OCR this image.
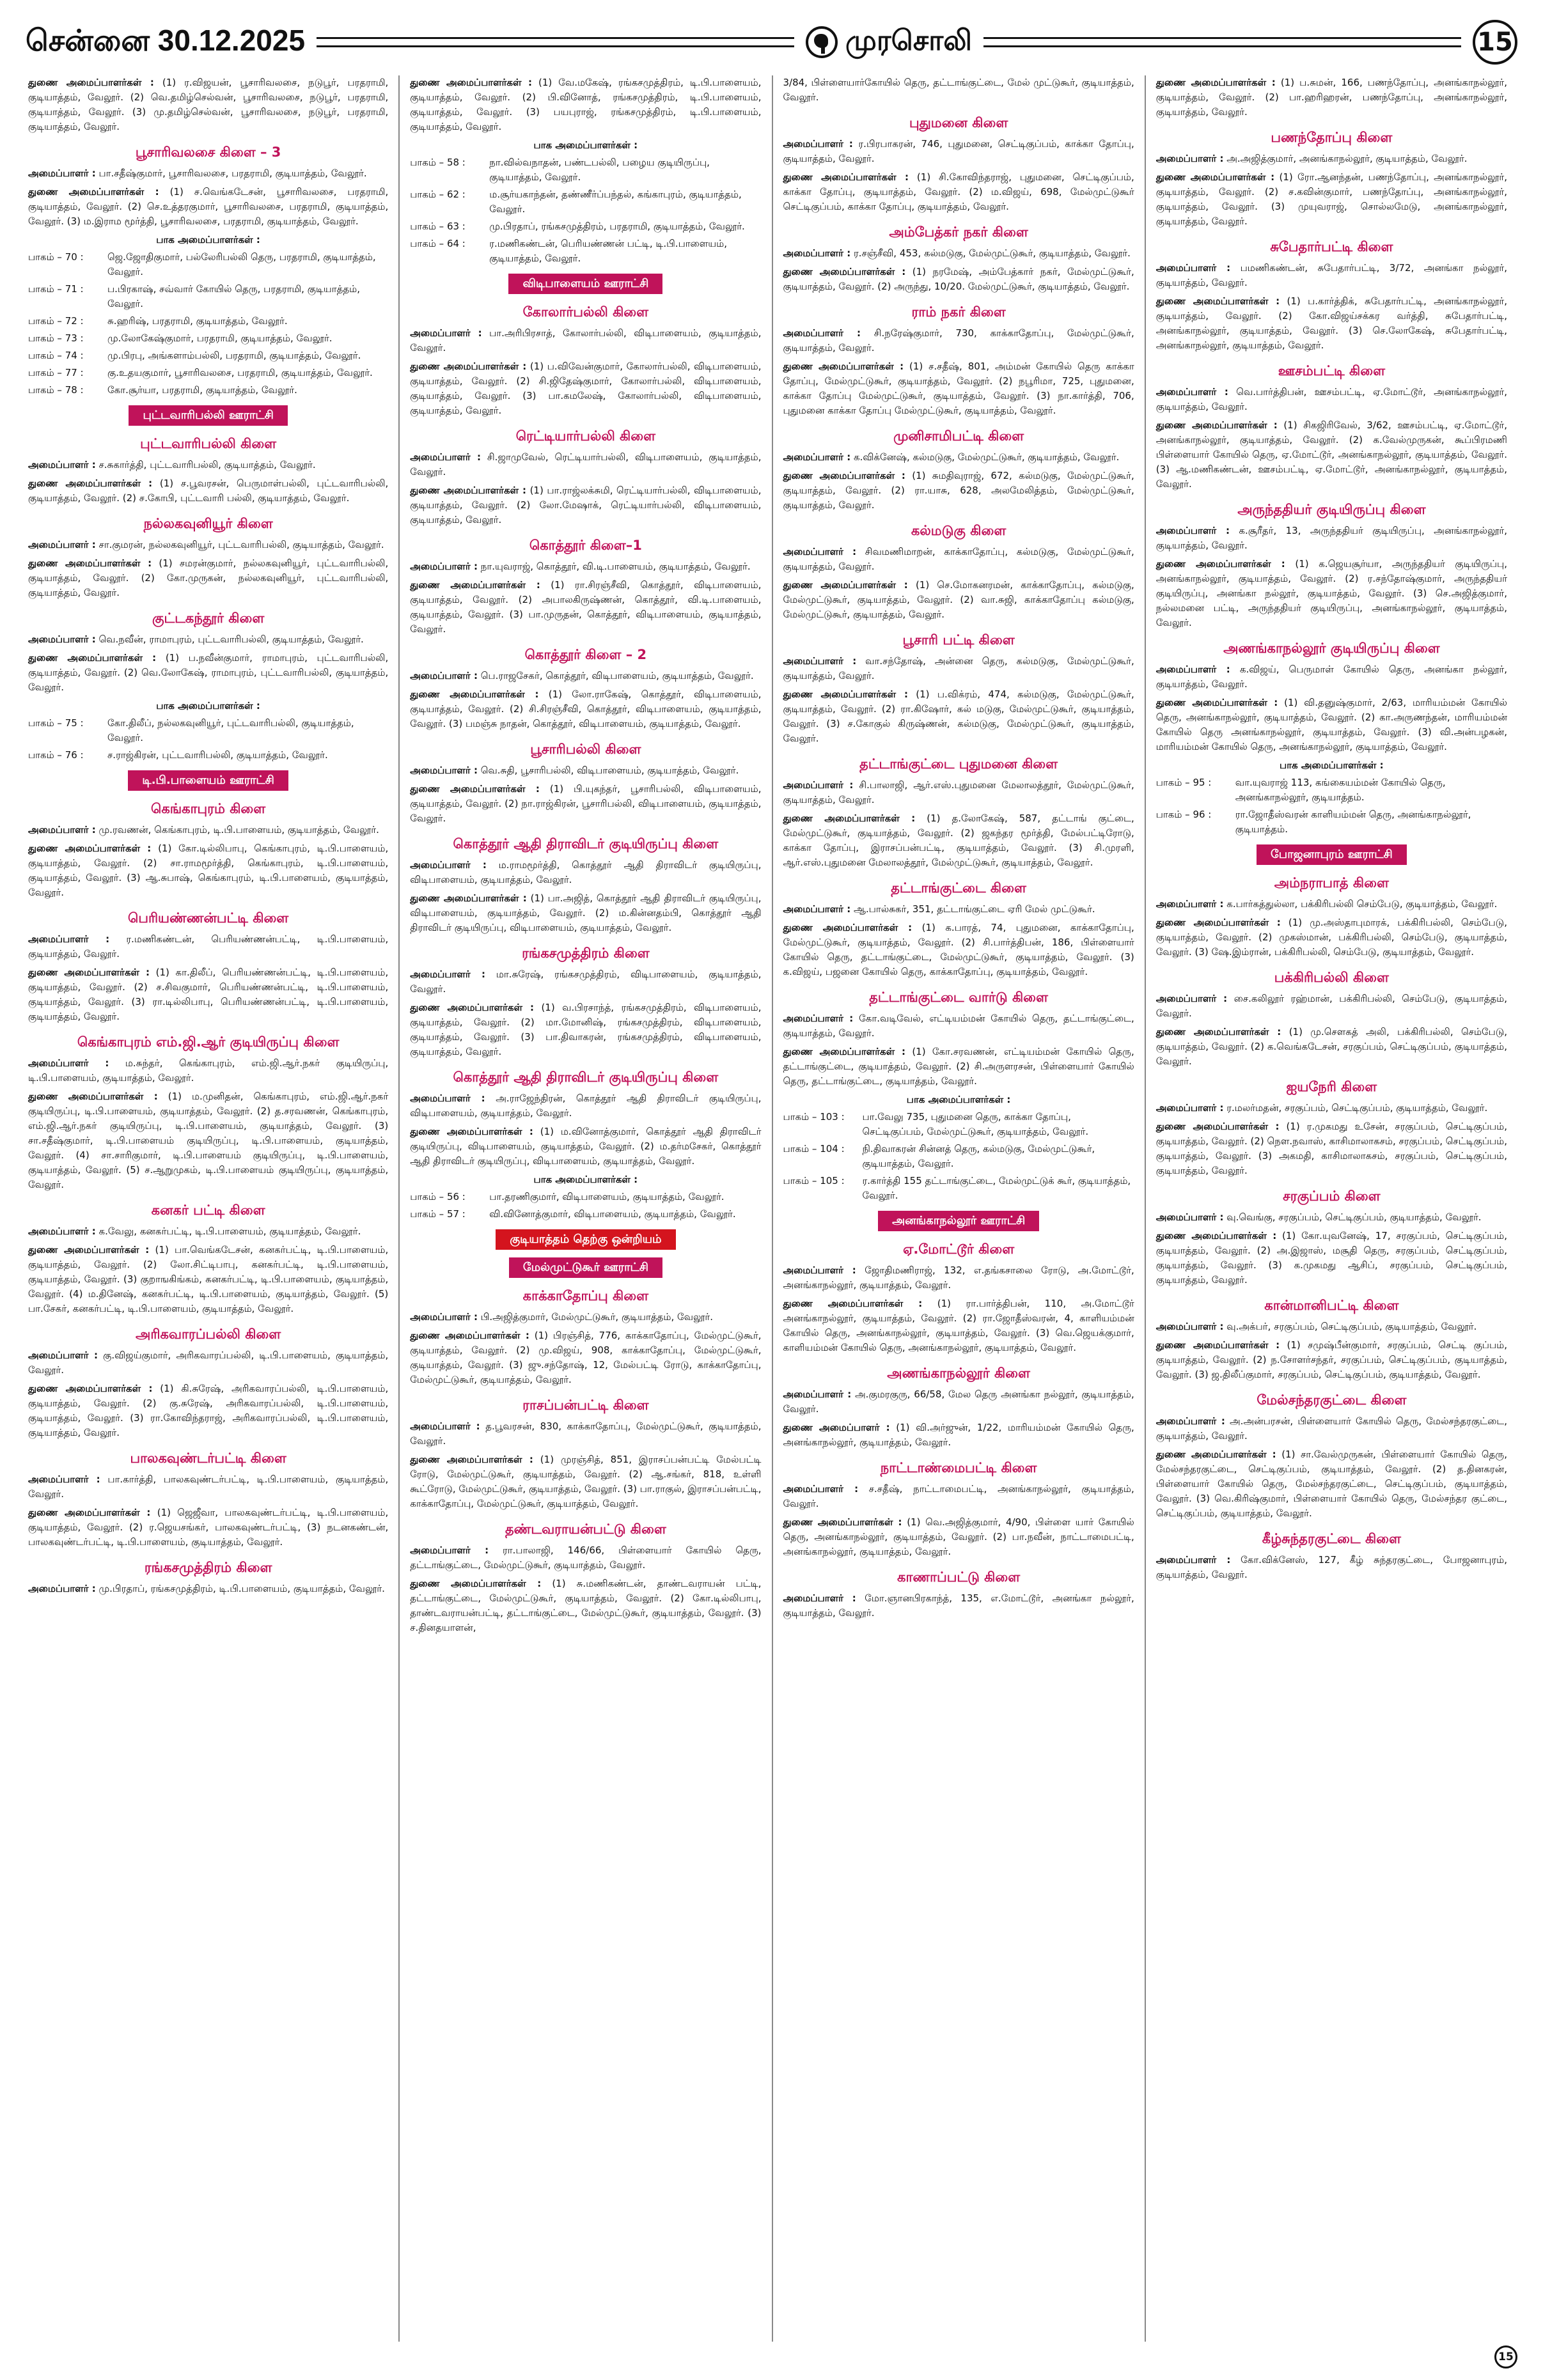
சென்னை 30.12.2025	முரசொலி	15

துணை அமைப்பாளர்கள் : (1) ர.விஜயன், பூசாரிவலசை, நடுபூர், பரதராமி, குடியாத்தம், வேலூர். (2) வெ.தமிழ்செல்வன், பூசாரிவலசை, நடுபூர், பரதராமி, குடியாத்தம், வேலூர். (3) மு.தமிழ்செல்வன், பூசாரிவலசை, நடுபூர், பரதராமி, குடியாத்தம், வேலூர்.

பூசாரிவலசை கிளை – 3

அமைப்பாளர் : பா.சதீஷ்குமார், பூசாரிவலசை, பரதராமி, குடியாத்தம், வேலூர்.

துணை அமைப்பாளர்கள் : (1) ச.வெங்கடேசன், பூசாரிவலசை, பரதராமி, குடியாத்தம், வேலூர். (2) செ.உத்தரகுமார், பூசாரிவலசை, பரதராமி, குடியாத்தம், வேலூர். (3) ம.இராம மூர்த்தி, பூசாரிவலசை, பரதராமி, குடியாத்தம், வேலூர்.

பாக அமைப்பாளர்கள் :
பாகம் – 70 :	ஜெ.ஜோதிகுமார், பல்லேரிபல்லி தெரு, பரதராமி, குடியாத்தம், வேலூர்.
பாகம் – 71 :	ப.பிரகாஷ், சவ்வார் கோயில் தெரு, பரதராமி, குடியாத்தம், வேலூர்.
பாகம் – 72 :	சு.ஹரிஷ், பரதராமி, குடியாத்தம், வேலூர்.
பாகம் – 73 :	மு.லோகேஷ்குமார், பரதராமி, குடியாத்தம், வேலூர்.
பாகம் – 74 :	மு.பிரபு, அங்களாம்பல்லி, பரதராமி, குடியாத்தம், வேலூர்.
பாகம் – 77 :	கு.உதயகுமார், பூசாரிவலசை, பரதராமி, குடியாத்தம், வேலூர்.
பாகம் – 78 :	கோ.சூர்யா, பரதராமி, குடியாத்தம், வேலூர்.
புட்டவாரிபல்லி ஊராட்சி
புட்டவாரிபல்லி கிளை

அமைப்பாளர் : ச.சுகார்த்தி, புட்டவாரிபல்லி, குடியாத்தம், வேலூர்.

துணை அமைப்பாளர்கள் : (1) ச.பூவரசன், பெருமாள்பல்லி, புட்டவாரிபல்லி, குடியாத்தம், வேலூர். (2) ச.கோபி, புட்டவாரி பல்லி, குடியாத்தம், வேலூர்.

நல்லகவுனியூர் கிளை

அமைப்பாளர் : சா.குமரன், நல்லகவுனியூர், புட்டவாரிபல்லி, குடியாத்தம், வேலூர்.

துணை அமைப்பாளர்கள் : (1) சமரன்குமார், நல்லகவுனியூர், புட்டவாரிபல்லி, குடியாத்தம், வேலூர். (2) கோ.முருகன், நல்லகவுனியூர், புட்டவாரிபல்லி, குடியாத்தம், வேலூர்.

குட்டகந்தூர் கிளை

அமைப்பாளர் : வெ.நவீன், ராமாபுரம், புட்டவாரிபல்லி, குடியாத்தம், வேலூர்.

துணை அமைப்பாளர்கள் : (1) ப.நவீன்குமார், ராமாபுரம், புட்டவாரிபல்லி, குடியாத்தம், வேலூர். (2) வெ.லோகேஷ், ராமாபுரம், புட்டவாரிபல்லி, குடியாத்தம், வேலூர்.

பாக அமைப்பாளர்கள் :
பாகம் – 75 :	கோ.திலீப், நல்லகவுனியூர், புட்டவாரிபல்லி, குடியாத்தம், வேலூர்.
பாகம் – 76 :	ச.ராஜ்கிரன், புட்டவாரிபல்லி, குடியாத்தம், வேலூர்.
டி.பி.பாளையம் ஊராட்சி
கெங்காபுரம் கிளை

அமைப்பாளர் : மு.ரவணன், கெங்காபுரம், டி.பி.பாளையம், குடியாத்தம், வேலூர்.

துணை அமைப்பாளர்கள் : (1) கோ.டில்லிபாபு, கெங்காபுரம், டி.பி.பாளையம், குடியாத்தம், வேலூர். (2) சா.ராமமூர்த்தி, கெங்காபுரம், டி.பி.பாளையம், குடியாத்தம், வேலூர். (3) ஆ.சுபாஷ், கெங்காபுரம், டி.பி.பாளையம், குடியாத்தம், வேலூர்.

பெரியண்ணன்பட்டி கிளை

அமைப்பாளர் : ர.மணிகண்டன், பெரியண்ணன்பட்டி, டி.பி.பாளையம், குடியாத்தம், வேலூர்.

துணை அமைப்பாளர்கள் : (1) கா.திலீப், பெரியண்ணன்பட்டி, டி.பி.பாளையம், குடியாத்தம், வேலூர். (2) ச.சிவகுமார், பெரியண்ணன்பட்டி, டி.பி.பாளையம், குடியாத்தம், வேலூர். (3) ரா.டில்லிபாபு, பெரியண்ணன்பட்டி, டி.பி.பாளையம், குடியாத்தம், வேலூர்.

கெங்காபுரம் எம்.ஜி.ஆர் குடியிருப்பு கிளை

அமைப்பாளர் : ம.சுந்தர், கெங்காபுரம், எம்.ஜி.ஆர்.நகர் குடியிருப்பு, டி.பி.பாளையம், குடியாத்தம், வேலூர்.

துணை அமைப்பாளர்கள் : (1) ம.முனிதன், கெங்காபுரம், எம்.ஜி.ஆர்.நகர் குடியிருப்பு, டி.பி.பாளையம், குடியாத்தம், வேலூர். (2) த.சரவணன், கெங்காபுரம், எம்.ஜி.ஆர்.நகர் குடியிருப்பு, டி.பி.பாளையம், குடியாத்தம், வேலூர். (3) சா.சதீஷ்குமார், டி.பி.பாளையம் குடியிருப்பு, டி.பி.பாளையம், குடியாத்தம், வேலூர். (4) சா.சாரிகுமார், டி.பி.பாளையம் குடியிருப்பு, டி.பி.பாளையம், குடியாத்தம், வேலூர். (5) ச.ஆறுமுகம், டி.பி.பாளையம் குடியிருப்பு, குடியாத்தம், வேலூர்.

கனகர் பட்டி கிளை

அமைப்பாளர் : க.வேலு, கனகர்பட்டி, டி.பி.பாளையம், குடியாத்தம், வேலூர்.

துணை அமைப்பாளர்கள் : (1) பா.வெங்கடேசன், கனகர்பட்டி, டி.பி.பாளையம், குடியாத்தம், வேலூர். (2) லோ.சிட்டிபாபு, கனகர்பட்டி, டி.பி.பாளையம், குடியாத்தம், வேலூர். (3) குறாஙகிங்கம், கனகர்பட்டி, டி.பி.பாளையம், குடியாத்தம், வேலூர். (4) ம.தினேஷ், கனகர்பட்டி, டி.பி.பாளையம், குடியாத்தம், வேலூர். (5) பா.சேகர், கனகர்பட்டி, டி.பி.பாளையம், குடியாத்தம், வேலூர்.

அரிகவாரப்பல்லி கிளை

அமைப்பாளர் : கு.விஜய்குமார், அரிகவாரப்பல்லி, டி.பி.பாளையம், குடியாத்தம், வேலூர்.

துணை அமைப்பாளர்கள் : (1) கி.சுரேஷ், அரிகவாரப்பல்லி, டி.பி.பாளையம், குடியாத்தம், வேலூர். (2) கு.சுரேஷ், அரிகவாரப்பல்லி, டி.பி.பாளையம், குடியாத்தம், வேலூர். (3) ரா.கோவிந்தராஜ், அரிகவாரப்பல்லி, டி.பி.பாளையம், குடியாத்தம், வேலூர்.

பாலகவுண்டர்பட்டி கிளை

அமைப்பாளர் : பா.கார்த்தி, பாலகவுண்டர்பட்டி, டி.பி.பாளையம், குடியாத்தம், வேலூர்.

துணை அமைப்பாளர்கள் : (1) ஜெஜீவா, பாலகவுண்டர்பட்டி, டி.பி.பாளையம், குடியாத்தம், வேலூர். (2) ர.ஜெயசங்கர், பாலகவுண்டர்பட்டி, (3) நடனகண்டன், பாலகவுண்டர்பட்டி, டி.பி.பாளையம், குடியாத்தம், வேலூர்.

ரங்கசமுத்திரம் கிளை

அமைப்பாளர் : மு.பிரதாப், ரங்கசமுத்திரம், டி.பி.பாளையம், குடியாத்தம், வேலூர்.

துணை அமைப்பாளர்கள் : (1) வே.மகேஷ், ரங்கசமுத்திரம், டி.பி.பாளையம், குடியாத்தம், வேலூர். (2) பி.வினோத், ரங்கசமுத்திரம், டி.பி.பாளையம், குடியாத்தம், வேலூர். (3) பயபுராஜ், ரங்கசமுத்திரம், டி.பி.பாளையம், குடியாத்தம், வேலூர்.

பாக அமைப்பாளர்கள் :
பாகம் – 58 :	நா.வில்வநாதன், பண்டபல்லி, பழைய குடியிருப்பு, குடியாத்தம், வேலூர்.
பாகம் – 62 :	ம.சூர்யகாந்தன், தண்ணீர்ப்பந்தல், கங்காபுரம், குடியாத்தம், வேலூர்.
பாகம் – 63 :	மு.பிரதாப், ரங்கசமுத்திரம், பரதராமி, குடியாத்தம், வேலூர்.
பாகம் – 64 :	ர.மணிகண்டன், பெரியண்ணன் பட்டி, டி.பி.பாளையம், குடியாத்தம், வேலூர்.
விடிபாளையம் ஊராட்சி
கோலார்பல்லி கிளை

அமைப்பாளர் : பா.அரிபிரசாத், கோலார்பல்லி, விடிபாளையம், குடியாத்தம், வேலூர்.

துணை அமைப்பாளர்கள் : (1) ப.விவேன்குமார், கோலார்பல்லி, விடிபாளையம், குடியாத்தம், வேலூர். (2) சி.ஜிதேஷ்குமார், கோலார்பல்லி, விடிபாளையம், குடியாத்தம், வேலூர். (3) பா.கமலேஷ், கோலார்பல்லி, விடிபாளையம், குடியாத்தம், வேலூர்.

ரெட்டியார்பல்லி கிளை

அமைப்பாளர் : சி.ஜாமுவேல், ரெட்டியார்பல்லி, விடிபாளையம், குடியாத்தம், வேலூர்.

துணை அமைப்பாளர்கள் : (1) பா.ராஜ்லக்சுமி, ரெட்டியார்பல்லி, விடிபாளையம், குடியாத்தம், வேலூர். (2) லோ.மேஷாக், ரெட்டியார்பல்லி, விடிபாளையம், குடியாத்தம், வேலூர்.

கொத்தூர் கிளை–1

அமைப்பாளர் : நா.யுவராஜ், கொத்தூர், வி.டி.பாளையம், குடியாத்தம், வேலூர்.

துணை அமைப்பாளர்கள் : (1) ரா.சிரஞ்சீவி, கொத்தூர், விடிபாளையம், குடியாத்தம், வேலூர். (2) அபாலகிருஷ்ணன், கொத்தூர், வி.டி.பாளையம், குடியாத்தம், வேலூர். (3) பா.முருதன், கொத்தூர், விடிபாளையம், குடியாத்தம், வேலூர்.

கொத்தூர் கிளை – 2

அமைப்பாளர் : பெ.ராஜசேகர், கொத்தூர், விடிபாளையம், குடியாத்தம், வேலூர்.

துணை அமைப்பாளர்கள் : (1) லோ.ராகேஷ், கொத்தூர், விடிபாளையம், குடியாத்தம், வேலூர். (2) சி.சிரஞ்சீவி, கொத்தூர், விடிபாளையம், குடியாத்தம், வேலூர். (3) பமஞ்சு நாதன், கொத்தூர், விடிபாளையம், குடியாத்தம், வேலூர்.

பூசாரிபல்லி கிளை

அமைப்பாளர் : வெ.சுதி, பூசாரிபல்லி, விடிபாளையம், குடியாத்தம், வேலூர்.

துணை அமைப்பாளர்கள் : (1) பி.யுகந்தர், பூசாரிபல்லி, விடிபாளையம், குடியாத்தம், வேலூர். (2) நா.ராஜ்கிரன், பூசாரிபல்லி, விடிபாளையம், குடியாத்தம், வேலூர்.

கொத்தூர் ஆதி திராவிடர் குடியிருப்பு கிளை

அமைப்பாளர் : ம.ராமமூர்த்தி, கொத்தூர் ஆதி திராவிடர் குடியிருப்பு, விடிபாளையம், குடியாத்தம், வேலூர்.

துணை அமைப்பாளர்கள் : (1) பா.அஜித், கொத்தூர் ஆதி திராவிடர் குடியிருப்பு, விடிபாளையம், குடியாத்தம், வேலூர். (2) ம.கின்னதம்பி, கொத்தூர் ஆதி திராவிடர் குடியிருப்பு, விடிபாளையம், குடியாத்தம், வேலூர்.

ரங்கசமுத்திரம் கிளை

அமைப்பாளர் : மா.சுரேஷ், ரங்கசமுத்திரம், விடிபாளையம், குடியாத்தம், வேலூர்.

துணை அமைப்பாளர்கள் : (1) வ.பிரசாந்த், ரங்கசமுத்திரம், விடிபாளையம், குடியாத்தம், வேலூர். (2) மா.மோனிஷ், ரங்கசமுத்திரம், விடிபாளையம், குடியாத்தம், வேலூர். (3) பா.திவாகரன், ரங்கசமுத்திரம், விடிபாளையம், குடியாத்தம், வேலூர்.

கொத்தூர் ஆதி திராவிடர் குடியிருப்பு கிளை

அமைப்பாளர் : அ.ராஜேந்திரன், கொத்தூர் ஆதி திராவிடர் குடியிருப்பு, விடிபாளையம், குடியாத்தம், வேலூர்.

துணை அமைப்பாளர்கள் : (1) ம.வினோத்குமார், கொத்தூர் ஆதி திராவிடர் குடியிருப்பு, விடிபாளையம், குடியாத்தம், வேலூர். (2) ம.தர்மசேகர், கொத்தூர் ஆதி திராவிடர் குடியிருப்பு, விடிபாளையம், குடியாத்தம், வேலூர்.

பாக அமைப்பாளர்கள் :
பாகம் – 56 :	பா.தரணிகுமார், விடிபாளையம், குடியாத்தம், வேலூர்.
பாகம் – 57 :	வி.வினோத்குமார், விடிபாளையம், குடியாத்தம், வேலூர்.
குடியாத்தம் தெற்கு ஒன்றியம்
மேல்முட்டுகூர் ஊராட்சி
காக்காதோப்பு கிளை

அமைப்பாளர் : பி.அஜித்குமார், மேல்முட்டுகூர், குடியாத்தம், வேலூர்.

துணை அமைப்பாளர்கள் : (1) பிரஞ்சித், 776, காக்காதோப்பு, மேல்முட்டுகூர், குடியாத்தம், வேலூர். (2) மு.விஜய், 908, காக்காதோப்பு, மேல்முட்டுகூர், குடியாத்தம், வேலூர். (3) ஜு.சந்தோஷ், 12, மேல்பட்டி ரோடு, காக்காதோப்பு, மேல்முட்டுகூர், குடியாத்தம், வேலூர்.

ராசப்பன்பட்டி கிளை

அமைப்பாளர் : த.பூவரசன், 830, காக்காதோப்பு, மேல்முட்டுகூர், குடியாத்தம், வேலூர்.

துணை அமைப்பாளர்கள் : (1) முரஞ்சித், 851, இராசப்பன்பட்டி மேல்பட்டி ரோடு, மேல்முட்டுகூர், குடியாத்தம், வேலூர். (2) ஆ.சங்கர், 818, உள்ளி கூட்ரோடு, மேல்முட்டுகூர், குடியாத்தம், வேலூர். (3) பா.ராகுல், இராசப்பன்பட்டி, காக்காதோப்பு, மேல்முட்டுகூர், குடியாத்தம், வேலூர்.

தண்டவராயன்பட்டு கிளை

அமைப்பாளர் : ரா.பாலாஜி, 146/66, பிள்ளையார் கோயில் தெரு, தட்டாங்குட்டை, மேல்முட்டுகூர், குடியாத்தம், வேலூர்.

துணை அமைப்பாளர்கள் : (1) சு.மணிகண்டன், தாண்டவராயன் பட்டி, தட்டாங்குட்டை, மேல்முட்டுகூர், குடியாத்தம், வேலூர். (2) கோ.டில்லிபாபு, தாண்டவராயன்பட்டி, தட்டாங்குட்டை, மேல்முட்டுகூர், குடியாத்தம், வேலூர். (3) ச.தினதயாளன்,

3/84, பிள்ளையார்கோயில் தெரு, தட்டாங்குட்டை, மேல் முட்டுகூர், குடியாத்தம், வேலூர்.

புதுமனை கிளை

அமைப்பாளர் : ர.பிரபாகரன், 746, புதுமனை, செட்டிகுப்பம், காக்கா தோப்பு, குடியாத்தம், வேலூர்.

துணை அமைப்பாளர்கள் : (1) சி.கோவிந்தராஜ், புதுமனை, செட்டிகுப்பம், காக்கா தோப்பு, குடியாத்தம், வேலூர். (2) ம.விஜய், 698, மேல்முட்டுகூர் செட்டிகுப்பம், காக்கா தோப்பு, குடியாத்தம், வேலூர்.

அம்பேத்கர் நகர் கிளை

அமைப்பாளர் : ர.சஞ்சீவி, 453, கல்மடுகு, மேல்முட்டுகூர், குடியாத்தம், வேலூர்.

துணை அமைப்பாளர்கள் : (1) நரமேஷ், அம்பேத்கார் நகர், மேல்முட்டுகூர், குடியாத்தம், வேலூர். (2) அருந்து, 10/20. மேல்முட்டுகூர், குடியாத்தம், வேலூர்.

ராம் நகர் கிளை

அமைப்பாளர் : சி.நரேஷ்குமார், 730, காக்காதோப்பு, மேல்முட்டுகூர், குடியாத்தம், வேலூர்.

துணை அமைப்பாளர்கள் : (1) ச.சதீஷ், 801, அம்மன் கோயில் தெரு காக்கா தோப்பு, மேல்முட்டுகூர், குடியாத்தம், வேலூர். (2) நபூரிமா, 725, புதுமனை, காக்கா தோப்பு மேல்முட்டுகூர், குடியாத்தம், வேலூர். (3) நா.கார்த்தி, 706, புதுமனை காக்கா தோப்பு மேல்முட்டுகூர், குடியாத்தம், வேலூர்.

முனிசாமிபட்டி கிளை

அமைப்பாளர் : க.விக்னேஷ், கல்மடுகு, மேல்முட்டுகூர், குடியாத்தம், வேலூர்.

துணை அமைப்பாளர்கள் : (1) சுமதிவுராஜ், 672, கல்மடுகு, மேல்முட்டுகூர், குடியாத்தம், வேலூர். (2) ரா.யாசு, 628, அலமேலித்தம், மேல்முட்டுகூர், குடியாத்தம், வேலூர்.

கல்மடுகு கிளை

அமைப்பாளர் : சிவமணிமாறன், காக்காதோப்பு, கல்மடுகு, மேல்முட்டுகூர், குடியாத்தம், வேலூர்.

துணை அமைப்பாளர்கள் : (1) செ.மோகனரமன், காக்காதோப்பு, கல்மடுகு, மேல்முட்டுகூர், குடியாத்தம், வேலூர். (2) வா.சுஜி, காக்காதோப்பு கல்மடுகு, மேல்முட்டுகூர், குடியாத்தம், வேலூர்.

பூசாரி பட்டி கிளை

அமைப்பாளர் : வா.சந்தோஷ், அன்னை தெரு, கல்மடுகு, மேல்முட்டுகூர், குடியாத்தம், வேலூர்.

துணை அமைப்பாளர்கள் : (1) ப.விக்ரம், 474, கல்மடுகு, மேல்முட்டுகூர், குடியாத்தம், வேலூர். (2) ரா.கிஷோர், கல் மடுகு, மேல்முட்டுகூர், குடியாத்தம், வேலூர். (3) ச.கோகுல் கிருஷ்ணன், கல்மடுகு, மேல்முட்டுகூர், குடியாத்தம், வேலூர்.

தட்டாங்குட்டை புதுமனை கிளை

அமைப்பாளர் : சி.பாலாஜி, ஆர்.எஸ்.புதுமனை மேலாலத்தூர், மேல்முட்டுகூர், குடியாத்தம், வேலூர்.

துணை அமைப்பாளர்கள் : (1) த.லோகேஷ், 587, தட்டாங் குட்டை, மேல்முட்டுகூர், குடியாத்தம், வேலூர். (2) ஜகந்தர மூர்த்தி, மேல்பட்டிரோடு, காக்கா தோப்பு, இராசப்பன்பட்டி, குடியாத்தம், வேலூர். (3) சி.முரளி, ஆர்.எஸ்.புதுமனை மேலாலத்தூர், மேல்முட்டுகூர், குடியாத்தம், வேலூர்.

தட்டாங்குட்டை கிளை

அமைப்பாளர் : ஆ.பால்சுகர், 351, தட்டாங்குட்டை ஏரி மேல் முட்டுகூர்.

துணை அமைப்பாளர்கள் : (1) க.பாரத், 74, புதுமனை, காக்காதோப்பு, மேல்முட்டுகூர், குடியாத்தம், வேலூர். (2) சி.பார்த்திபன், 186, பிள்ளையார் கோயில் தெரு, தட்டாங்குட்டை, மேல்முட்டுகூர், குடியாத்தம், வேலூர். (3) க.விஜய், பஜனை கோயில் தெரு, காக்காதோப்பு, குடியாத்தம், வேலூர்.

தட்டாங்குட்டை வார்டு கிளை

அமைப்பாளர் : கோ.வடிவேல், எட்டியம்மன் கோயில் தெரு, தட்டாங்குட்டை, குடியாத்தம், வேலூர்.

துணை அமைப்பாளர்கள் : (1) கோ.சரவணன், எட்டியம்மன் கோயில் தெரு, தட்டாங்குட்டை, குடியாத்தம், வேலூர். (2) சி.அருளரசன், பிள்ளையார் கோயில் தெரு, தட்டாங்குட்டை, குடியாத்தம், வேலூர்.

பாக அமைப்பாளர்கள் :
பாகம் – 103 :	பா.வேலு 735, புதுமனை தெரு, காக்கா தோப்பு, செட்டிகுப்பம், மேல்முட்டுகூர், குடியாத்தம், வேலூர்.
பாகம் – 104 :	நி.திவாகரன் சின்னத் தெரு, கல்மடுகு, மேல்முட்டுகூர், குடியாத்தம், வேலூர்.
பாகம் – 105 :	ர.கார்த்தி 155 தட்டாங்குட்டை, மேல்முட்டுக் கூர், குடியாத்தம், வேலூர்.
அனங்காநல்லூர் ஊராட்சி
ஏ.மோட்டூர் கிளை

அமைப்பாளர் : ஜோதிமணிராஜ், 132, எ.தங்கசாலை ரோடு, அ.மோட்டூர், அனங்காநல்லூர், குடியாத்தம், வேலூர்.

துணை அமைப்பாளர்கள் : (1) ரா.பார்த்திபன், 110, அ.மோட்டூர் அனங்காநல்லூர், குடியாத்தம், வேலூர். (2) ரா.ஜோதீஸ்வரன், 4, காளியம்மன் கோயில் தெரு, அனங்காநல்லூர், குடியாத்தம், வேலூர். (3) வெ.ஜெயக்குமார், காளியம்மன் கோயில் தெரு, அனங்காநல்லூர், குடியாத்தம், வேலூர்.

அணங்காநல்லூர் கிளை

அமைப்பாளர் : அ.குமரகுரு, 66/58, மேல தெரு அனங்கா நல்லூர், குடியாத்தம், வேலூர்.

துணை அமைப்பாளர் : (1) வி.அர்ஜுன், 1/22, மாரியம்மன் கோயில் தெரு, அனங்காநல்லூர், குடியாத்தம், வேலூர்.

நாட்டாண்மைபட்டி கிளை

அமைப்பாளர் : ச.சதீஷ், நாட்டாமைபட்டி, அனங்காநல்லூர், குடியாத்தம், வேலூர்.

துணை அமைப்பாளர்கள் : (1) வெ.அஜித்குமார், 4/90, பிள்ளை யார் கோயில் தெரு, அனங்காநல்லூர், குடியாத்தம், வேலூர். (2) பா.நவீன், நாட்டாமைபட்டி, அனங்காநல்லூர், குடியாத்தம், வேலூர்.

காணாப்பட்டு கிளை

அமைப்பாளர் : மோ.ஞானபிரகாந்த், 135, எ.மோட்டூர், அனங்கா நல்லூர், குடியாத்தம், வேலூர்.

துணை அமைப்பாளர்கள் : (1) ப.சுமன், 166, பணந்தோப்பு, அனங்காநல்லூர், குடியாத்தம், வேலூர். (2) பா.ஹரிஹரன், பணந்தோப்பு, அனங்காநல்லூர், குடியாத்தம், வேலூர்.

பணந்தோப்பு கிளை

அமைப்பாளர் : அ.அஜித்குமார், அனங்காநல்லூர், குடியாத்தம், வேலூர்.

துணை அமைப்பாளர்கள் : (1) ரோ.ஆனந்தன், பணந்தோப்பு, அனங்காநல்லூர், குடியாத்தம், வேலூர். (2) ச.கவின்குமார், பணந்தோப்பு, அனங்காநல்லூர், குடியாத்தம், வேலூர். (3) முயுவராஜ், சொல்லமேடு, அனங்காநல்லூர், குடியாத்தம், வேலூர்.

சுபேதார்பட்டி கிளை

அமைப்பாளர் : பமணிகண்டன், சுபேதார்பட்டி, 3/72, அனங்கா நல்லூர், குடியாத்தம், வேலூர்.

துணை அமைப்பாளர்கள் : (1) ப.கார்த்திக், சுபேதார்பட்டி, அனங்காநல்லூர், குடியாத்தம், வேலூர். (2) கோ.விஜய்சக்கர வர்த்தி, சுபேதார்பட்டி, அனங்காநல்லூர், குடியாத்தம், வேலூர். (3) செ.லோகேஷ், சுபேதார்பட்டி, அனங்காநல்லூர், குடியாத்தம், வேலூர்.

ஊசம்பட்டி கிளை

அமைப்பாளர் : வெ.பார்த்திபன், ஊசம்பட்டி, ஏ.மோட்டூர், அனங்காநல்லூர், குடியாத்தம், வேலூர்.

துணை அமைப்பாளர்கள் : (1) சிகஜிரிவேல், 3/62, ஊசம்பட்டி, ஏ.மோட்டூர், அனங்காநல்லூர், குடியாத்தம், வேலூர். (2) க.வேல்முருகன், கூப்பிரமணி பிள்ளையார் கோயில் தெரு, ஏ.மோட்டூர், அனங்காநல்லூர், குடியாத்தம், வேலூர். (3) ஆ.மணிகண்டன், ஊசம்பட்டி, ஏ.மோட்டூர், அனங்காநல்லூர், குடியாத்தம், வேலூர்.

அருந்ததியர் குடியிருப்பு கிளை

அமைப்பாளர் : க.சூரீதர், 13, அருந்ததியர் குடியிருப்பு, அனங்காநல்லூர், குடியாத்தம், வேலூர்.

துணை அமைப்பாளர்கள் : (1) க.ஜெயசூர்யா, அருந்ததியர் குடியிருப்பு, அனங்காநல்லூர், குடியாத்தம், வேலூர். (2) ர.சந்தோஷ்குமார், அருந்ததியர் குடியிருப்பு, அனங்கா நல்லூர், குடியாத்தம், வேலூர். (3) செ.அஜித்குமார், நல்லமனை பட்டி, அருந்ததியர் குடியிருப்பு, அனங்காநல்லூர், குடியாத்தம், வேலூர்.

அணங்காநல்லூர் குடியிருப்பு கிளை

அமைப்பாளர் : க.விஜய், பெருமாள் கோயில் தெரு, அனங்கா நல்லூர், குடியாத்தம், வேலூர்.

துணை அமைப்பாளர்கள் : (1) வி.தனுஷ்குமார், 2/63, மாரியம்மன் கோயில் தெரு, அனங்காநல்லூர், குடியாத்தம், வேலூர். (2) கா.அருணந்தன், மாரியம்மன் கோயில் தெரு அனங்காநல்லூர், குடியாத்தம், வேலூர். (3) வி.அன்பழகன், மாரியம்மன் கோயில் தெரு, அனங்காநல்லூர், குடியாத்தம், வேலூர்.

பாக அமைப்பாளர்கள் :
பாகம் – 95 :	வா.யுவராஜ் 113, கங்கையம்மன் கோயில் தெரு, அனங்காநல்லூர், குடியாத்தம்.
பாகம் – 96 :	ரா.ஜோதீஸ்வரன் காளியம்மன் தெரு, அனங்காநல்லூர், குடியாத்தம்.
போஜனாபுரம் ஊராட்சி
அம்நராபாத் கிளை

அமைப்பாளர் : க.பார்கத்துல்லா, பக்கிரிபல்லி செம்பேடு, குடியாத்தம், வேலூர்.

துணை அமைப்பாளர்கள் : (1) மு.அஸ்தாபுமாரக், பக்கிரிபல்லி, செம்பேடு, குடியாத்தம், வேலூர். (2) முகஸ்மான், பக்கிரிபல்லி, செம்பேடு, குடியாத்தம், வேலூர். (3) ஷே.இம்ரான், பக்கிரிபல்லி, செம்பேடு, குடியாத்தம், வேலூர்.

பக்கிரிபல்லி கிளை

அமைப்பாளர் : சை.கலிலூர் ரஹ்மான், பக்கிரிபல்லி, செம்பேடு, குடியாத்தம், வேலூர்.

துணை அமைப்பாளர்கள் : (1) மு.சௌகத் அலி, பக்கிரிபல்லி, செம்பேடு, குடியாத்தம், வேலூர். (2) க.வெங்கடேசன், சரகுப்பம், செட்டிகுப்பம், குடியாத்தம், வேலூர்.

ஐயநேரி கிளை

அமைப்பாளர் : ர.மலர்மதன், சரகுப்பம், செட்டிகுப்பம், குடியாத்தம், வேலூர்.

துணை அமைப்பாளர்கள் : (1) ர.முகமது உசேன், சரகுப்பம், செட்டிகுப்பம், குடியாத்தம், வேலூர். (2) நௌ.நவாஸ், காசிமாலாகசம், சரகுப்பம், செட்டிகுப்பம், குடியாத்தம், வேலூர். (3) அகமதி, காசிமாலாகசம், சரகுப்பம், செட்டிகுப்பம், குடியாத்தம், வேலூர்.

சரகுப்பம் கிளை

அமைப்பாளர் : வு.வெங்கு, சரகுப்பம், செட்டிகுப்பம், குடியாத்தம், வேலூர்.

துணை அமைப்பாளர்கள் : (1) கோ.யுவனேஷ், 17, சரகுப்பம், செட்டிகுப்பம், குடியாத்தம், வேலூர். (2) அ.இஜாஸ், மசூதி தெரு, சரகுப்பம், செட்டிகுப்பம், குடியாத்தம், வேலூர். (3) க.முகமது ஆசிப், சரகுப்பம், செட்டிகுப்பம், குடியாத்தம், வேலூர்.

கான்மானிபட்டி கிளை

அமைப்பாளர் : வு.அக்பர், சரகுப்பம், செட்டிகுப்பம், குடியாத்தம், வேலூர்.

துணை அமைப்பாளர்கள் : (1) சமுஷ்பீன்குமார், சரகுப்பம், செட்டி குப்பம், குடியாத்தம், வேலூர். (2) ந.சோளர்சந்தர், சரகுப்பம், செட்டிகுப்பம், குடியாத்தம், வேலூர். (3) ஜ.திலீப்குமார், சரகுப்பம், செட்டிகுப்பம், குடியாத்தம், வேலூர்.

மேல்சந்தரகுட்டை கிளை

அமைப்பாளர் : அ.அன்பரசன், பிள்ளையார் கோயில் தெரு, மேல்சந்தரகுட்டை, குடியாத்தம், வேலூர்.

துணை அமைப்பாளர்கள் : (1) சா.வேல்முருகன், பிள்ளையார் கோயில் தெரு, மேல்சந்தரகுட்டை, செட்டிகுப்பம், குடியாத்தம், வேலூர். (2) த.தினகரன், பிள்ளையார் கோயில் தெரு, மேல்சந்தரகுட்டை, செட்டிகுப்பம், குடியாத்தம், வேலூர். (3) வெ.கிரிஷ்குமார், பிள்ளையார் கோயில் தெரு, மேல்சந்தர குட்டை, செட்டிகுப்பம், குடியாத்தம், வேலூர்.

கீழ்சுந்தரகுட்டை கிளை

அமைப்பாளர் : கோ.விக்னேஸ், 127, கீழ் சுந்தரகுட்டை, போஜனாபுரம், குடியாத்தம், வேலூர்.

15
